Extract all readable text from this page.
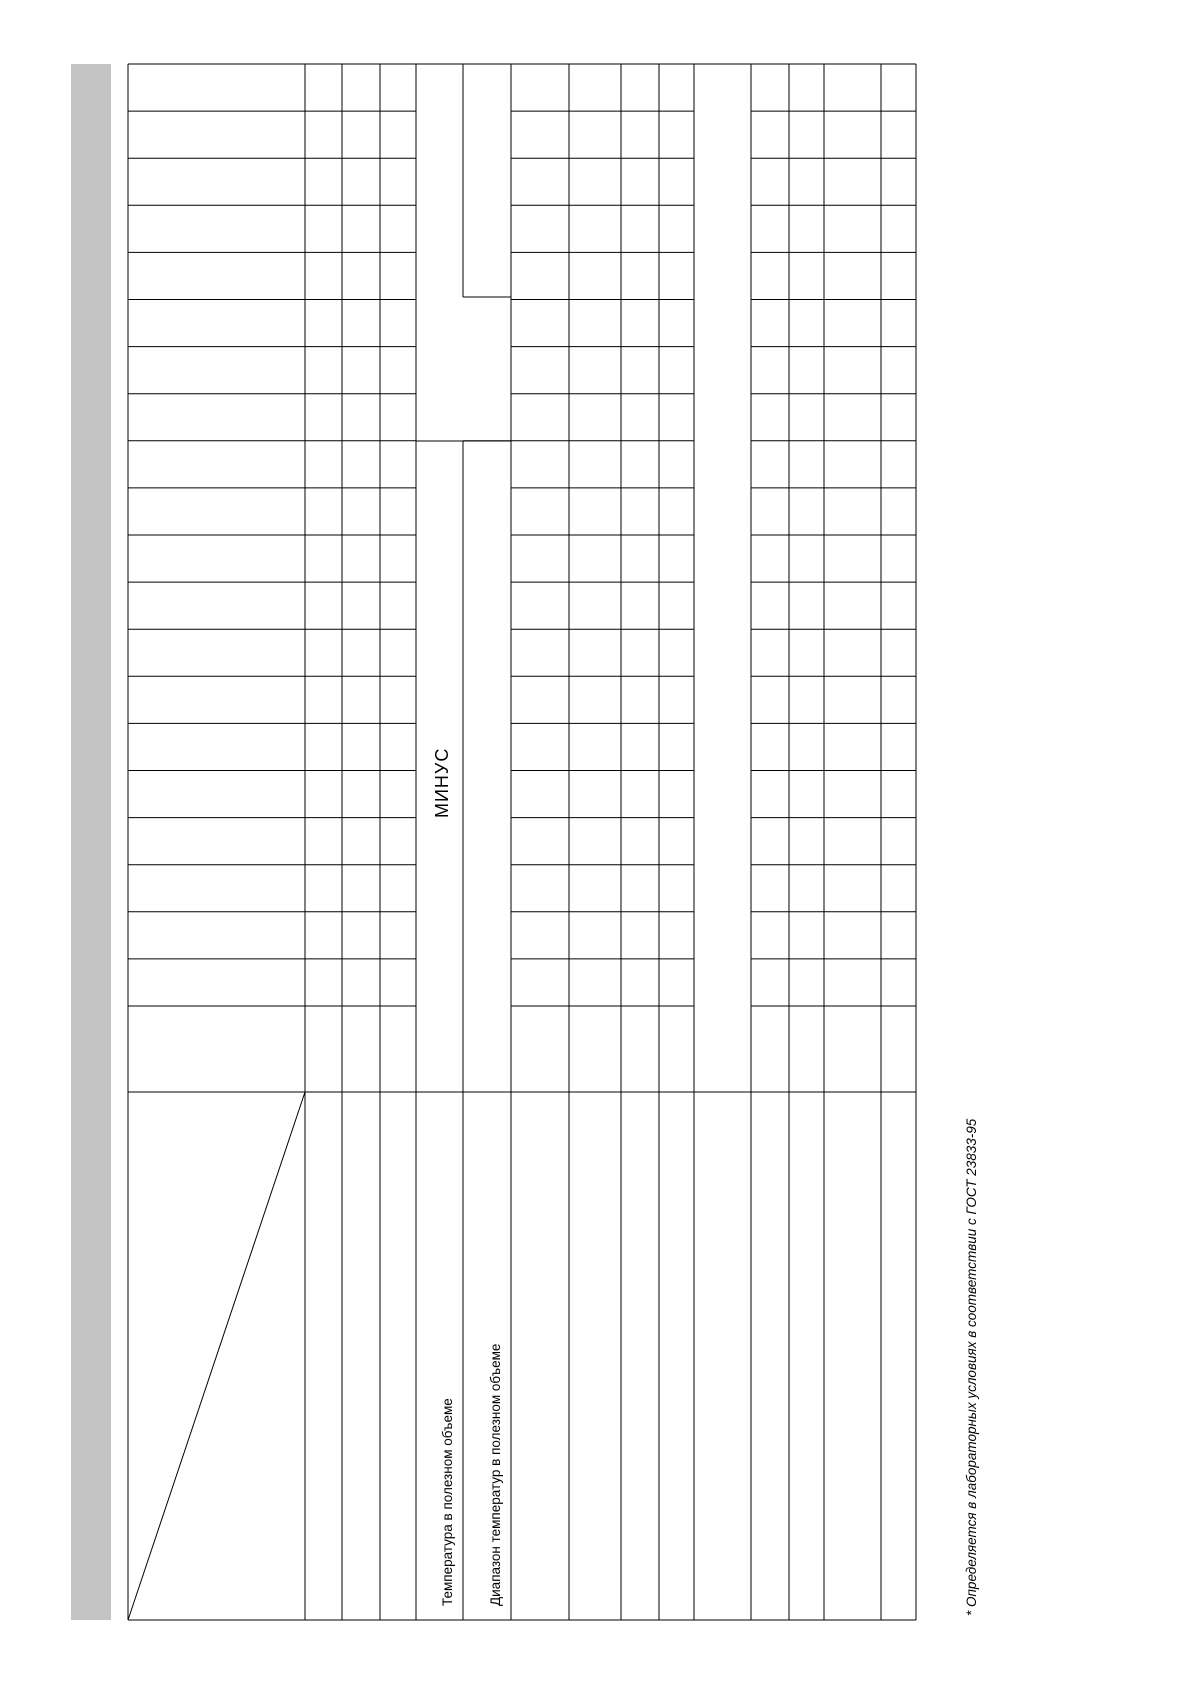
Температура в полезном объеме Диапазон температур в полезном объеме
МИНУС
* Определяется в лабораторных условиях в соответствии с ГОСТ 23833-95
